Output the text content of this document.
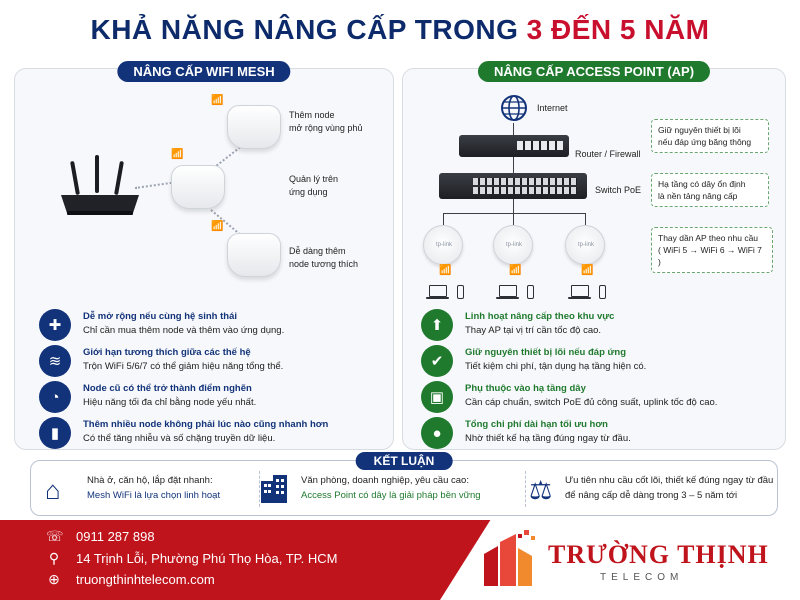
KHẢ NĂNG NÂNG CẤP TRONG 3 ĐẾN 5 NĂM
NÂNG CẤP WIFI MESH
📶
📶
📶
Thêm node
mở rộng vùng phủ
Quản lý trên
ứng dụng
Dễ dàng thêm
node tương thích
✚
Dễ mở rộng nếu cùng hệ sinh thái
Chỉ cần mua thêm node và thêm vào ứng dụng.
≋
Giới hạn tương thích giữa các thế hệ
Trộn WiFi 5/6/7 có thể giảm hiệu năng tổng thể.
◔	Node cũ có thể trở thành điểm nghẽn
Hiệu năng tối đa chỉ bằng node yếu nhất.
▮
Thêm nhiều node không phải lúc nào cũng nhanh hơn
Có thể tăng nhiễu và số chặng truyền dữ liệu.
NÂNG CẤP ACCESS POINT (AP)
Internet
Router / Firewall
Switch PoE
tp-link	tp-link	tp-link
📶	📶	📶
Giữ nguyên thiết bị lõi
nếu đáp ứng băng thông
Hạ tầng có dây ổn định
là nền tảng nâng cấp
Thay dần AP theo nhu cầu
( WiFi 5 → WiFi 6 → WiFi 7 )
⬆
Linh hoạt nâng cấp theo khu vực
Thay AP tại vị trí cần tốc độ cao.
✔
Giữ nguyên thiết bị lõi nếu đáp ứng
Tiết kiệm chi phí, tận dụng hạ tầng hiện có.
▣
Phụ thuộc vào hạ tầng dây
Cần cáp chuẩn, switch PoE đủ công suất, uplink tốc độ cao.
●	Tổng chi phí dài hạn tối ưu hơn
Nhờ thiết kế hạ tầng đúng ngay từ đầu.
KẾT LUẬN
⌂	Nhà ở, căn hộ, lắp đặt nhanh:
Mesh WiFi là lựa chọn linh hoạt
Văn phòng, doanh nghiệp, yêu cầu cao:
Access Point có dây là giải pháp bền vững ⚖ Ưu tiên nhu cầu cốt lõi, thiết kế đúng ngay từ đầu
để nâng cấp dễ dàng trong 3 – 5 năm tới
☏ 0911 287 898
⚲ 14 Trịnh Lỗi, Phường Phú Thọ Hòa, TP. HCM
⊕ truongthinhtelecom.com
TRƯỜNG THỊNH
TELECOM
